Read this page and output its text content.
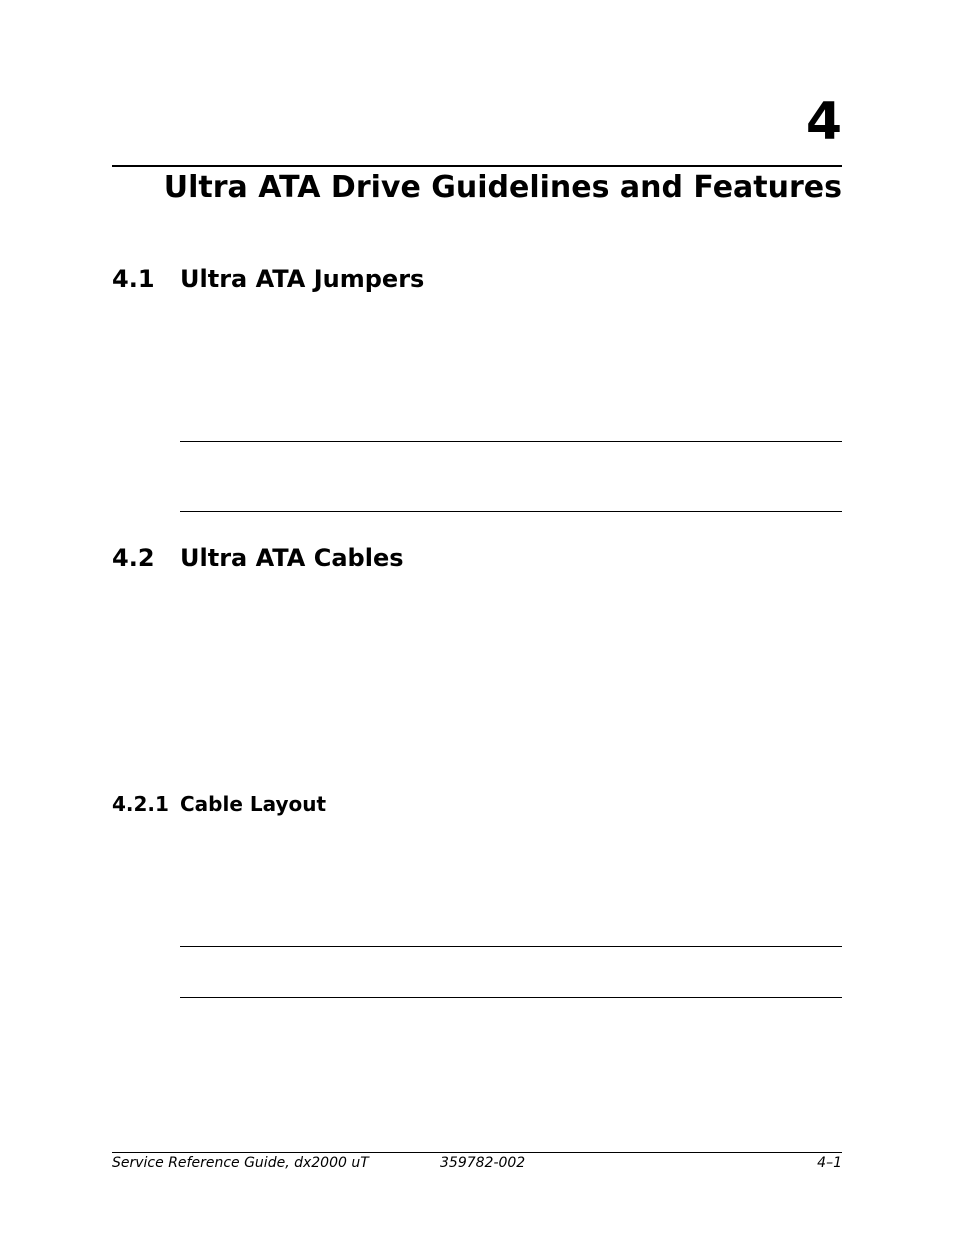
4
Ultra ATA Drive Guidelines and Features
4.1 Ultra ATA Jumpers
4.2 Ultra ATA Cables
4.2.1 Cable Layout
Service Reference Guide, dx2000 uT	359782-002	4–1
